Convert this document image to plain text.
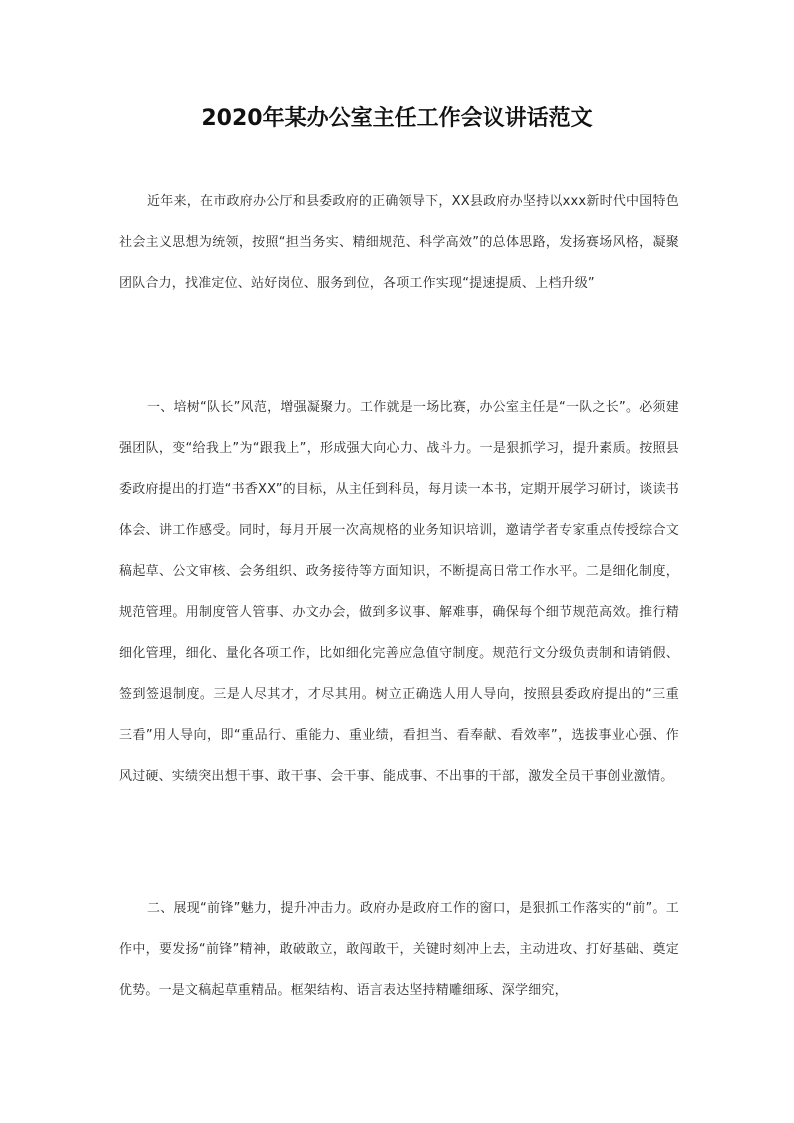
2020年某办公室主任工作会议讲话范文

近年来，在市政府办公厅和县委政府的正确领导下，XX县政府办坚持以xxx新时代中国特色社会主义思想为统领，按照“担当务实、精细规范、科学高效”的总体思路，发扬赛场风格，凝聚团队合力，找准定位、站好岗位、服务到位，各项工作实现“提速提质、上档升级”

一、培树“队长”风范，增强凝聚力。工作就是一场比赛，办公室主任是“一队之长”。必须建强团队，变“给我上”为“跟我上”，形成强大向心力、战斗力。一是狠抓学习，提升素质。按照县委政府提出的打造“书香XX”的目标，从主任到科员，每月读一本书，定期开展学习研讨，谈读书体会、讲工作感受。同时，每月开展一次高规格的业务知识培训，邀请学者专家重点传授综合文稿起草、公文审核、会务组织、政务接待等方面知识，不断提高日常工作水平。二是细化制度，规范管理。用制度管人管事、办文办会，做到多议事、解难事，确保每个细节规范高效。推行精细化管理，细化、量化各项工作，比如细化完善应急值守制度。规范行文分级负责制和请销假、签到签退制度。三是人尽其才，才尽其用。树立正确选人用人导向，按照县委政府提出的“三重三看”用人导向，即“重品行、重能力、重业绩，看担当、看奉献、看效率”，选拔事业心强、作风过硬、实绩突出想干事、敢干事、会干事、能成事、不出事的干部，激发全员干事创业激情。

二、展现“前锋”魅力，提升冲击力。政府办是政府工作的窗口，是狠抓工作落实的“前”。工作中，要发扬“前锋”精神，敢破敢立，敢闯敢干，关键时刻冲上去，主动进攻、打好基础、奠定优势。一是文稿起草重精品。框架结构、语言表达坚持精雕细琢、深学细究，
